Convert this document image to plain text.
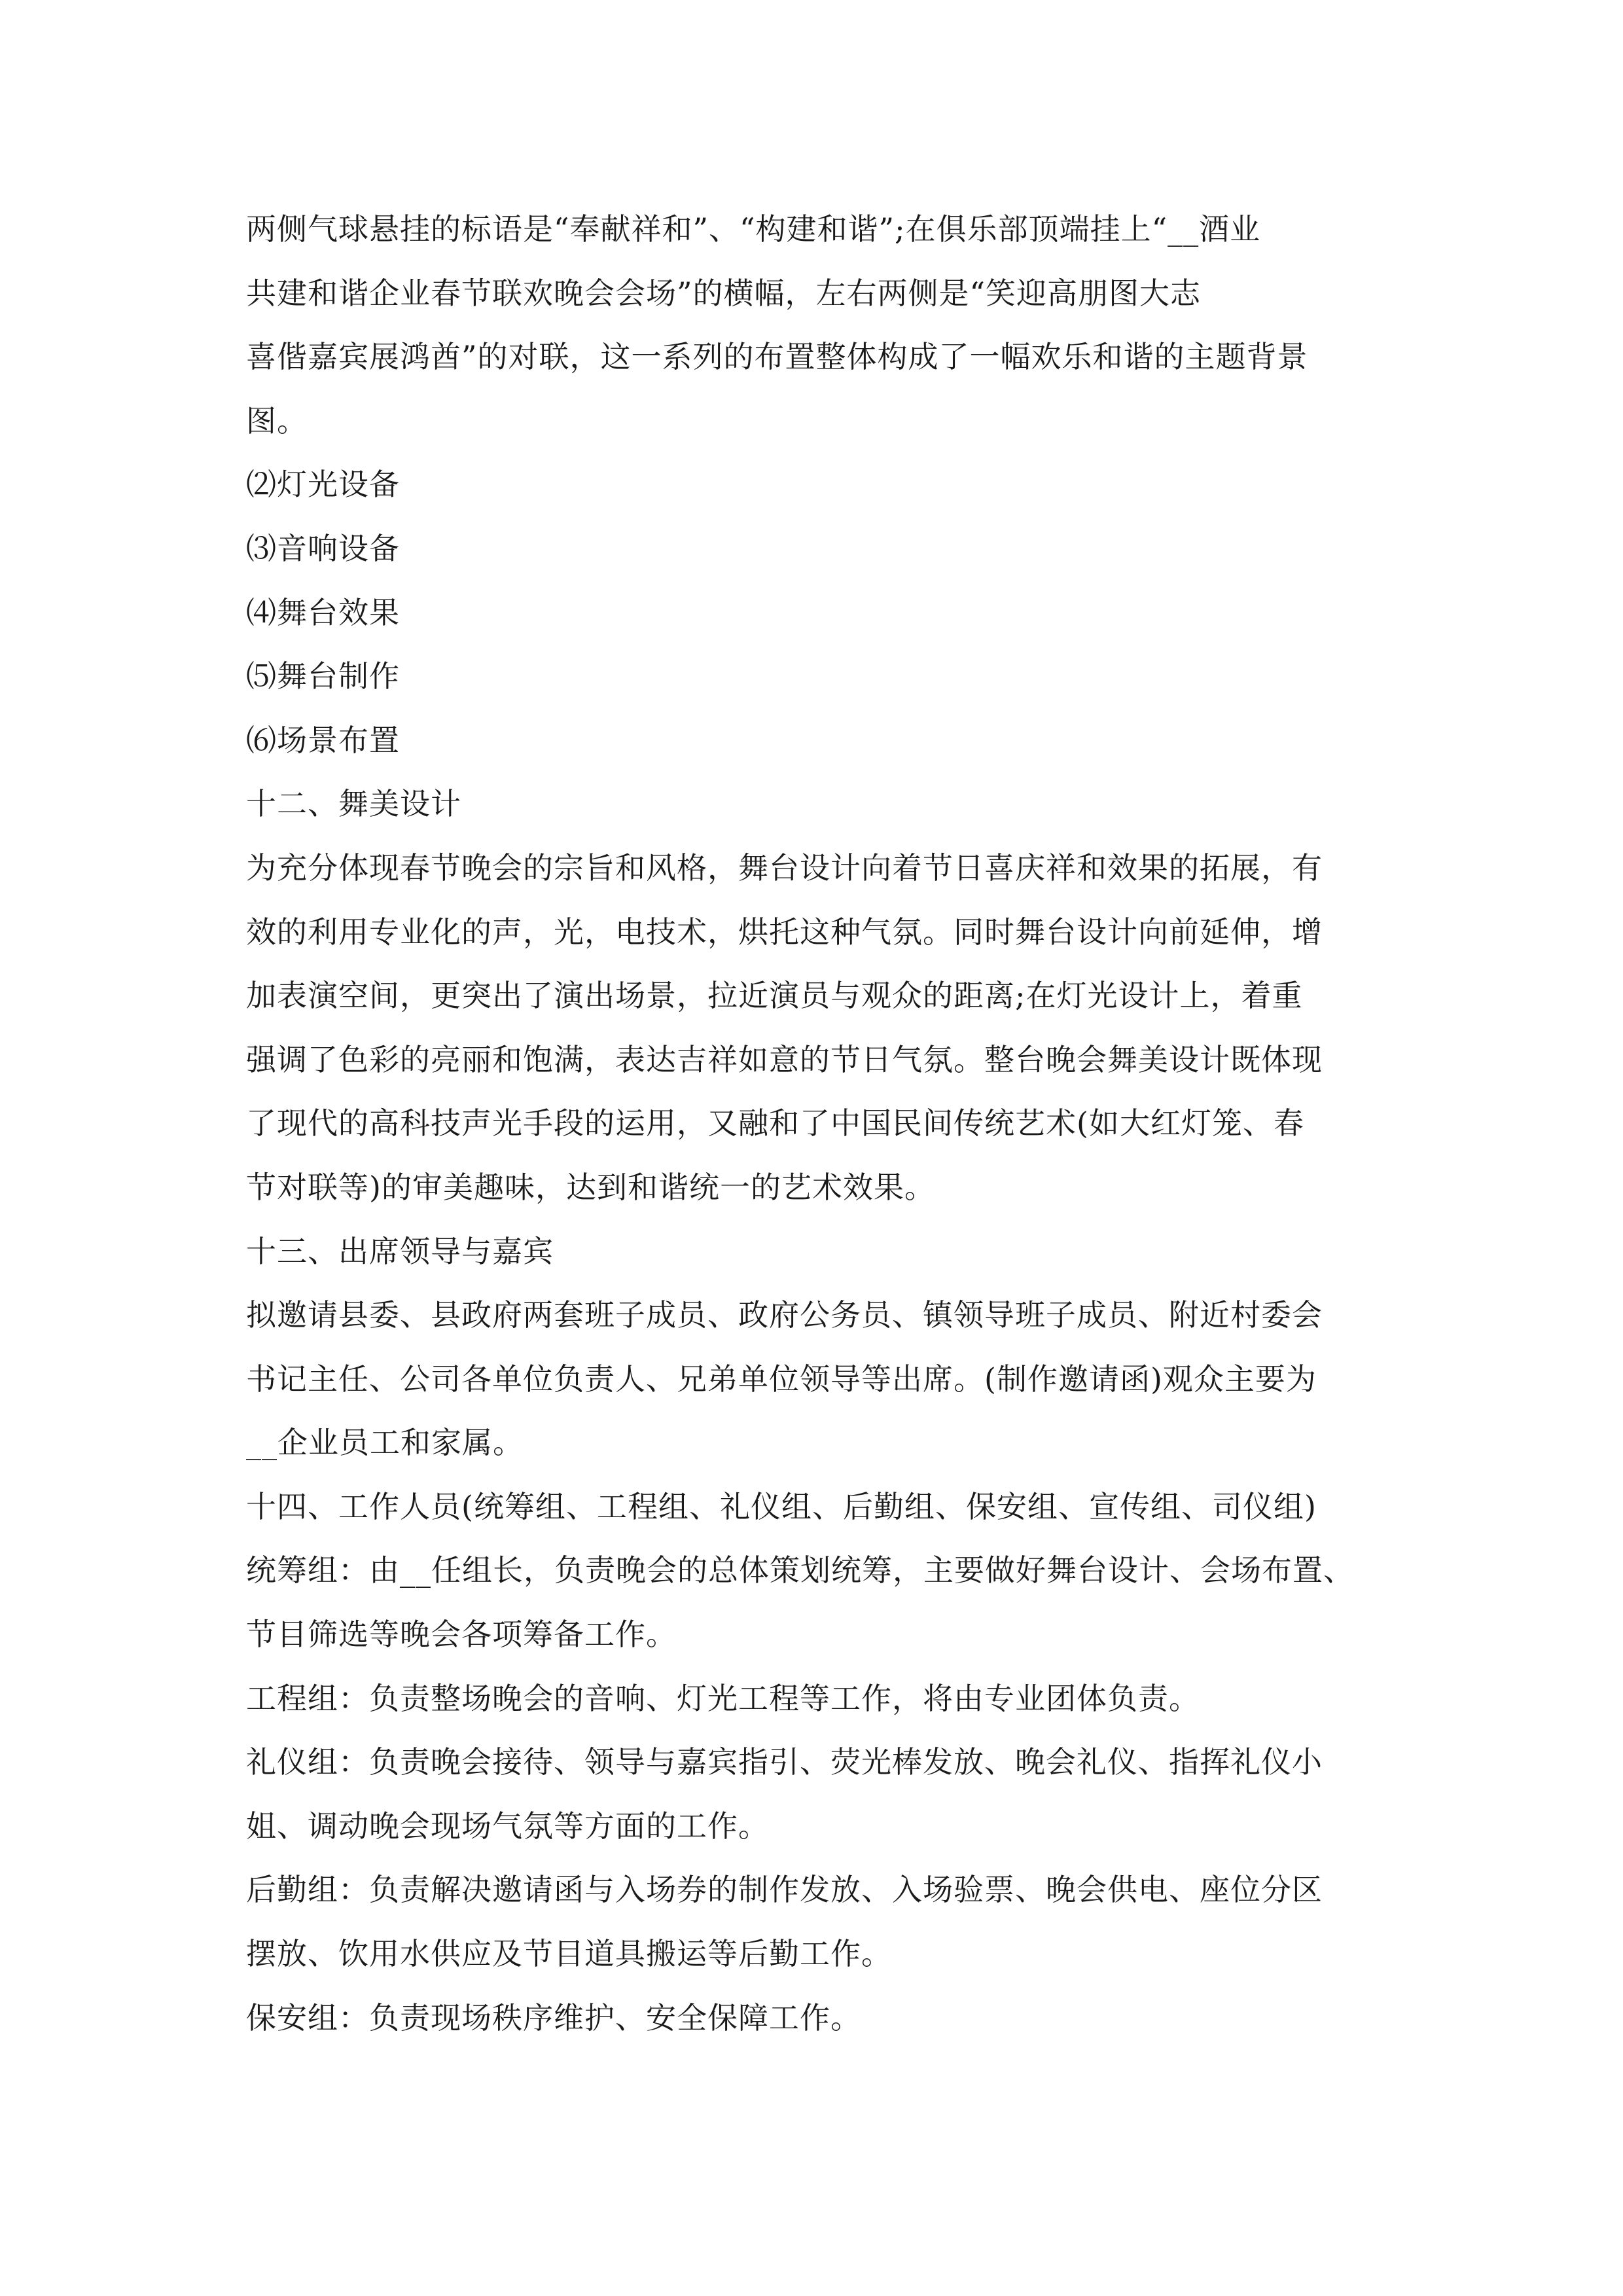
两侧气球悬挂的标语是“奉献祥和”、“构建和谐”;在俱乐部顶端挂上“__酒业
共建和谐企业春节联欢晚会会场”的横幅，左右两侧是“笑迎高朋图大志
喜偕嘉宾展鸿酋”的对联，这一系列的布置整体构成了一幅欢乐和谐的主题背景
图。
⑵灯光设备
⑶音响设备
⑷舞台效果
⑸舞台制作
⑹场景布置
十二、舞美设计
为充分体现春节晚会的宗旨和风格，舞台设计向着节日喜庆祥和效果的拓展，有
效的利用专业化的声，光，电技术，烘托这种气氛。同时舞台设计向前延伸，增
加表演空间，更突出了演出场景，拉近演员与观众的距离;在灯光设计上，着重
强调了色彩的亮丽和饱满，表达吉祥如意的节日气氛。整台晚会舞美设计既体现
了现代的高科技声光手段的运用，又融和了中国民间传统艺术(如大红灯笼、春
节对联等)的审美趣味，达到和谐统一的艺术效果。
十三、出席领导与嘉宾
拟邀请县委、县政府两套班子成员、政府公务员、镇领导班子成员、附近村委会
书记主任、公司各单位负责人、兄弟单位领导等出席。(制作邀请函)观众主要为
__企业员工和家属。
十四、工作人员(统筹组、工程组、礼仪组、后勤组、保安组、宣传组、司仪组)
统筹组：由__任组长，负责晚会的总体策划统筹，主要做好舞台设计、会场布置、
节目筛选等晚会各项筹备工作。
工程组：负责整场晚会的音响、灯光工程等工作，将由专业团体负责。
礼仪组：负责晚会接待、领导与嘉宾指引、荧光棒发放、晚会礼仪、指挥礼仪小
姐、调动晚会现场气氛等方面的工作。
后勤组：负责解决邀请函与入场券的制作发放、入场验票、晚会供电、座位分区
摆放、饮用水供应及节目道具搬运等后勤工作。
保安组：负责现场秩序维护、安全保障工作。
